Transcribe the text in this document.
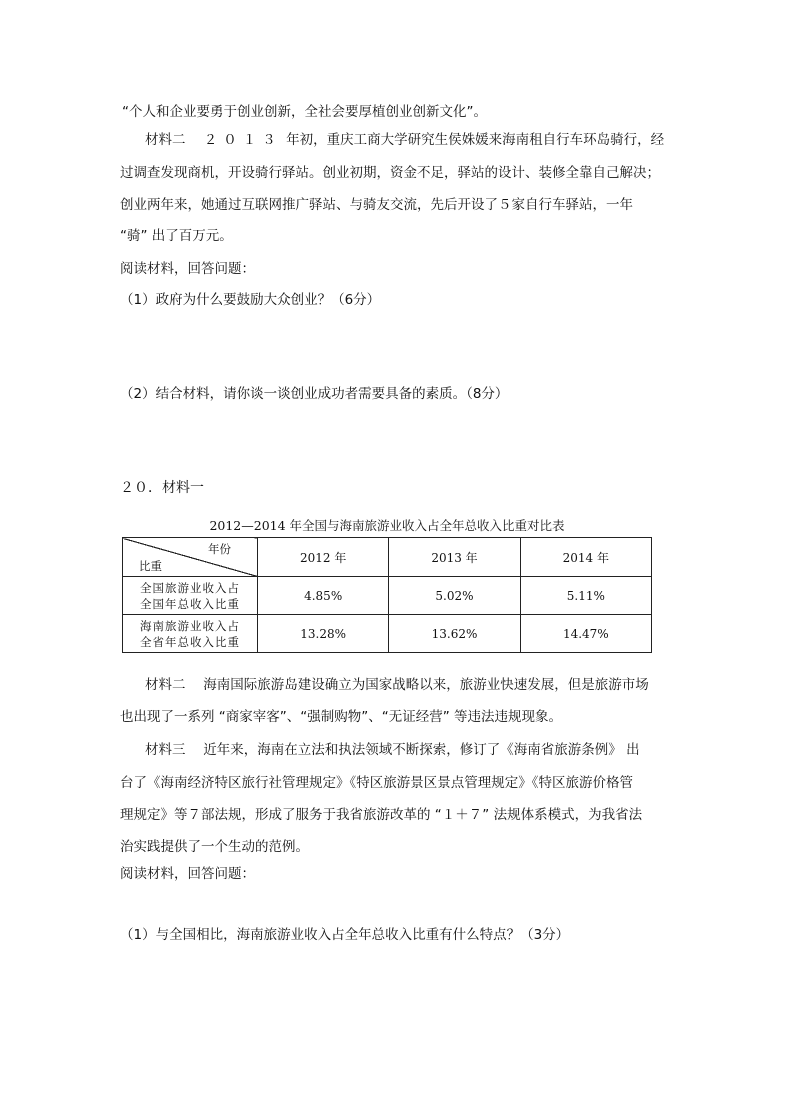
“个人和企业要勇于创业创新，全社会要厚植创业创新文化”。
材料二 ２０１３ 年初，重庆工商大学研究生侯姝媛来海南租自行车环岛骑行，经
过调查发现商机，开设骑行驿站。创业初期，资金不足，驿站的设计、装修全靠自己解决；
创业两年来，她通过互联网推广驿站、与骑友交流，先后开设了５家自行车驿站，一年
“骑” 出了百万元。
阅读材料，回答问题：
（1）政府为什么要鼓励大众创业？（6分）
（2）结合材料，请你谈一谈创业成功者需要具备的素质。（8分）
２０．材料一
2012—2014 年全国与海南旅游业收入占全年总收入比重对比表
年份
比重	2012 年	2013 年	2014 年

全国旅游业收入占
全国年总收入比重	4.85%	5.02%	5.11%

海南旅游业收入占
全省年总收入比重	13.28%	13.62%	14.47%
材料二　 海南国际旅游岛建设确立为国家战略以来，旅游业快速发展，但是旅游市场
也出现了一系列 “商家宰客”、“强制购物”、“无证经营” 等违法违规现象。
材料三　 近年来，海南在立法和执法领域不断探索，修订了《海南省旅游条例》 出
台了《海南经济特区旅行社管理规定》《特区旅游景区景点管理规定》《特区旅游价格管
理规定》等７部法规，形成了服务于我省旅游改革的 “１＋７” 法规体系模式，为我省法
治实践提供了一个生动的范例。
阅读材料，回答问题：
（1）与全国相比，海南旅游业收入占全年总收入比重有什么特点？（3分）
